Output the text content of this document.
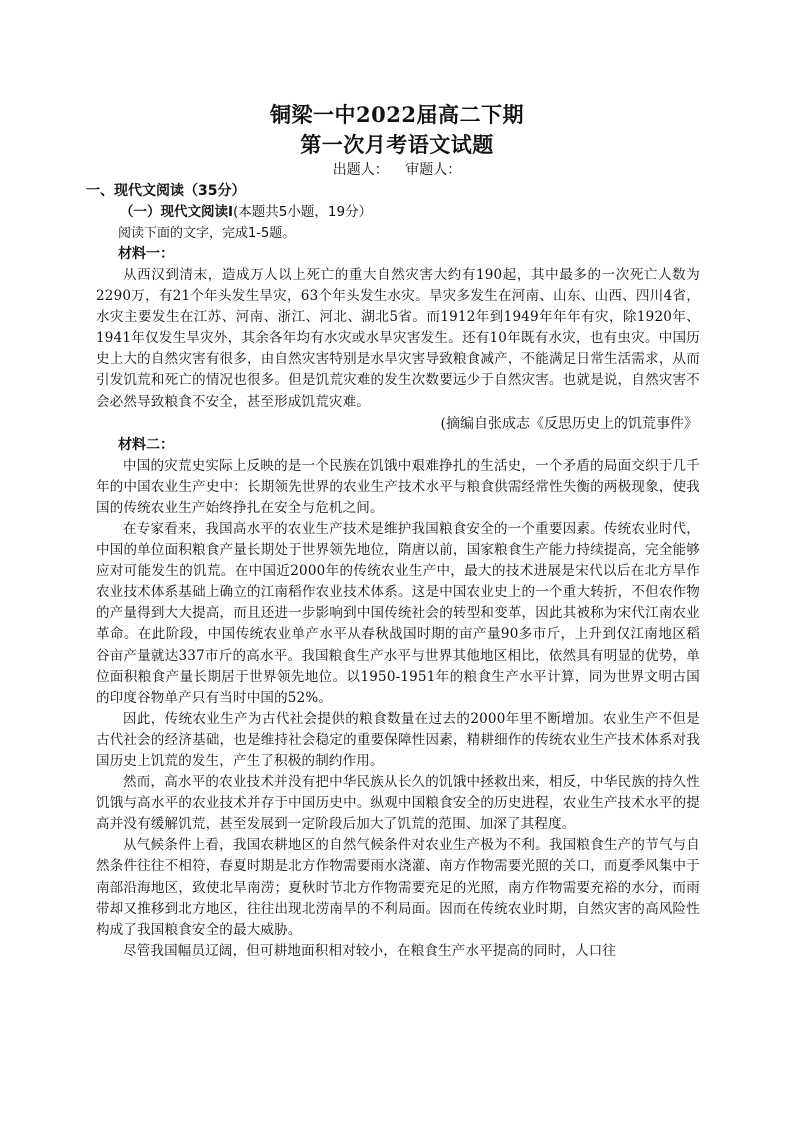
铜梁一中2022届高二下期
第一次月考语文试题
出题人： 审题人：
一、现代文阅读（35分）
（一）现代文阅读Ⅰ(本题共5小题，19分）
阅读下面的文字，完成1-5题。
材料一：

从西汉到清末，造成万人以上死亡的重大自然灾害大约有190起，其中最多的一次死亡人数为2290万，有21个年头发生旱灾，63个年头发生水灾。旱灾多发生在河南、山东、山西、四川4省，水灾主要发生在江苏、河南、浙江、河北、湖北5省。而1912年到1949年年年有灾，除1920年、1941年仅发生旱灾外，其余各年均有水灾或水旱灾害发生。还有10年既有水灾，也有虫灾。中国历史上大的自然灾害有很多，由自然灾害特别是水旱灾害导致粮食减产，不能满足日常生活需求，从而引发饥荒和死亡的情况也很多。但是饥荒灾难的发生次数要远少于自然灾害。也就是说，自然灾害不会必然导致粮食不安全，甚至形成饥荒灾难。

(摘编自张成志《反思历史上的饥荒事件》
材料二：

中国的灾荒史实际上反映的是一个民族在饥饿中艰难挣扎的生活史，一个矛盾的局面交织于几千年的中国农业生产史中：长期领先世界的农业生产技术水平与粮食供需经常性失衡的两极现象，使我国的传统农业生产始终挣扎在安全与危机之间。

在专家看来，我国高水平的农业生产技术是维护我国粮食安全的一个重要因素。传统农业时代，中国的单位面积粮食产量长期处于世界领先地位，隋唐以前，国家粮食生产能力持续提高，完全能够应对可能发生的饥荒。在中国近2000年的传统农业生产中，最大的技术进展是宋代以后在北方旱作农业技术体系基础上确立的江南稻作农业技术体系。这是中国农业史上的一个重大转折，不但农作物的产量得到大大提高，而且还进一步影响到中国传统社会的转型和变革，因此其被称为宋代江南农业革命。在此阶段，中国传统农业单产水平从春秋战国时期的亩产量90多市斤，上升到仅江南地区稻谷亩产量就达337市斤的高水平。我国粮食生产水平与世界其他地区相比，依然具有明显的优势，单位面积粮食产量长期居于世界领先地位。以1950-1951年的粮食生产水平计算，同为世界文明古国的印度谷物单产只有当时中国的52%。

因此，传统农业生产为古代社会提供的粮食数量在过去的2000年里不断增加。农业生产不但是古代社会的经济基础，也是维持社会稳定的重要保障性因素，精耕细作的传统农业生产技术体系对我国历史上饥荒的发生，产生了积极的制约作用。

然而，高水平的农业技术并没有把中华民族从长久的饥饿中拯救出来，相反，中华民族的持久性饥饿与高水平的农业技术并存于中国历史中。纵观中国粮食安全的历史进程，农业生产技术水平的提高并没有缓解饥荒，甚至发展到一定阶段后加大了饥荒的范围、加深了其程度。

从气候条件上看，我国农耕地区的自然气候条件对农业生产极为不利。我国粮食生产的节气与自然条件往往不相符，春夏时期是北方作物需要雨水浇灌、南方作物需要光照的关口，而夏季风集中于南部沿海地区，致使北旱南涝；夏秋时节北方作物需要充足的光照，南方作物需要充裕的水分，而雨带却又推移到北方地区，往往出现北涝南旱的不利局面。因而在传统农业时期，自然灾害的高风险性构成了我国粮食安全的最大威胁。

尽管我国幅员辽阔，但可耕地面积相对较小，在粮食生产水平提高的同时，人口往
